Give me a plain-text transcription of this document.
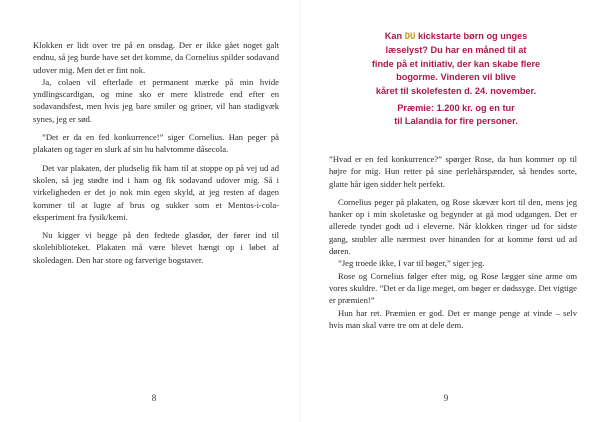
Klokken er lidt over tre på en onsdag. Der er ikke gået noget galt endnu, så jeg burde have set det komme, da Cornelius spilder sodavand udover mig. Men det er fint nok.

Ja, colaen vil efterlade et permanent mærke på min hvide yndlingscardigan, og mine sko er mere klistrede end efter en sodavandsfest, men hvis jeg bare smiler og griner, vil han stadigvæk synes, jeg er sød.

”Det er da en fed konkurrence!” siger Cornelius. Han peger på plakaten og tager en slurk af sin hu halvtomme dåsecola.

Det var plakaten, der pludselig fik ham til at stoppe op på vej ud ad skolen, så jeg stødte ind i ham og fik sodavand udover mig. Så i virkeligheden er det jo nok min egen skyld, at jeg resten af dagen kommer til at lugte af brus og sukker som et Mentos-i-cola-eksperiment fra fysik/kemi.

Nu kigger vi begge på den fedtede glasdør, der fører ind til skolebiblioteket. Plakaten må være blevet hængt op i løbet af skoledagen. Den har store og farverige bogstaver.

8

Kan DU kickstarte børn og unges

læselyst? Du har en måned til at

finde på et initiativ, der kan skabe flere

bogorme. Vinderen vil blive

kåret til skolefesten d. 24. november.

Præmie: 1.200 kr. og en tur

til Lalandia for fire personer.

”Hvad er en fed konkurrence?” spørger Rose, da hun kommer op til højre for mig. Hun retter på sine perlehårspænder, så hendes sorte, glatte hår igen sidder helt perfekt.

Cornelius peger på plakaten, og Rose skævær kort til den, mens jeg hanker op i min skoletaske og begynder at gå mod udgangen. Det er allerede tyndet godt ud i eleverne. Når klokken ringer ud for sidste gang, snubler alle nærmest over hinanden for at komme først ud ad døren.

”Jeg troede ikke, I var til bøger,” siger jeg.

Rose og Cornelius følger efter mig, og Rose lægger sine arme om vores skuldre. ”Det er da lige meget, om bøger er dødssyge. Det vigtige er præmien!”

Hun har ret. Præmien er god. Det er mange penge at vinde – selv hvis man skal være tre om at dele dem.

9
